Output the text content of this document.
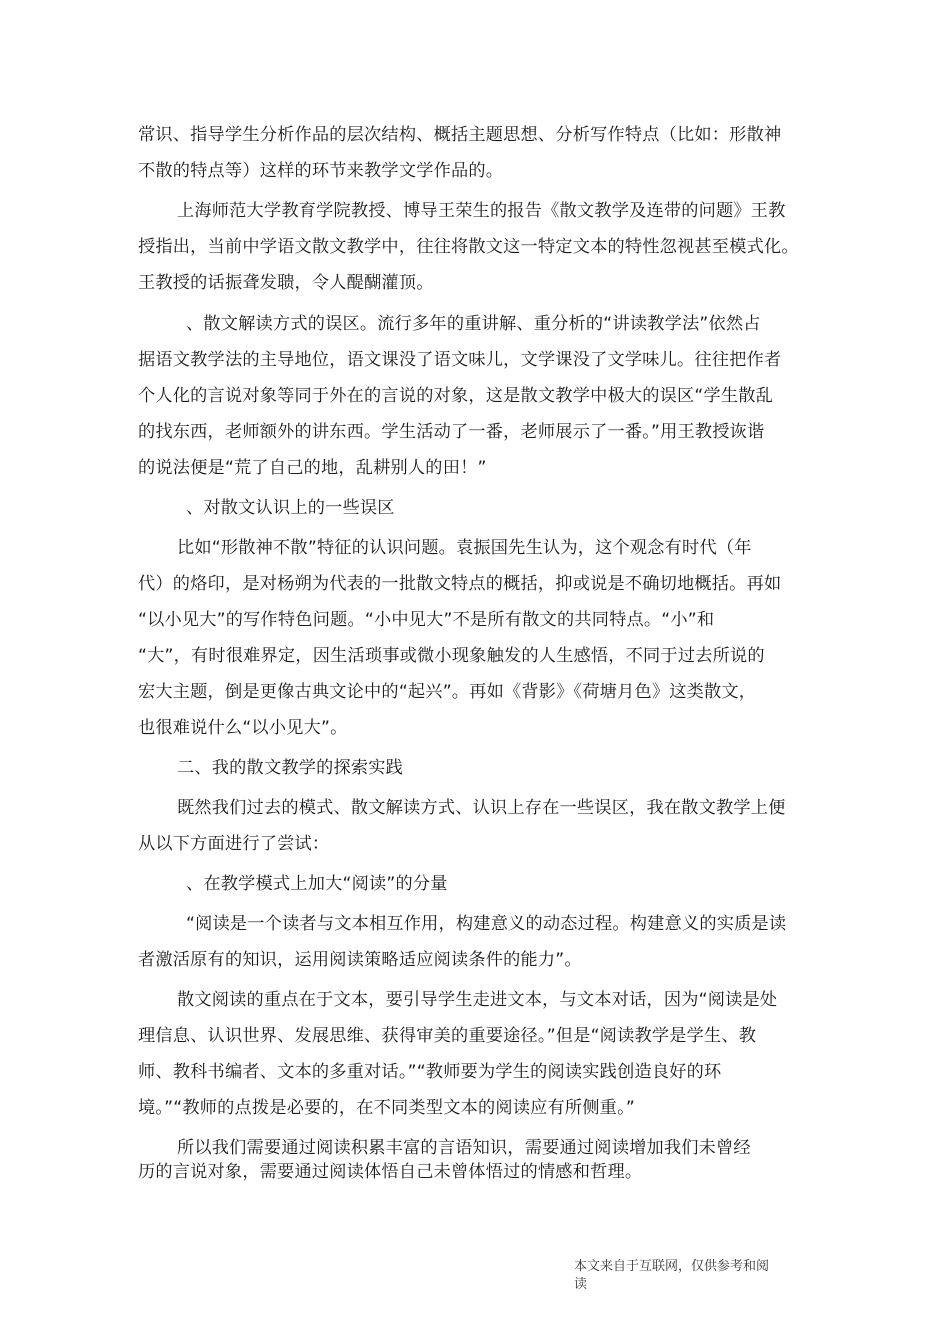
常识、指导学生分析作品的层次结构、概括主题思想、分析写作特点（比如：形散神
不散的特点等）这样的环节来教学文学作品的。
上海师范大学教育学院教授、博导王荣生的报告《散文教学及连带的问题》王教
授指出，当前中学语文散文教学中，往往将散文这一特定文本的特性忽视甚至模式化。
王教授的话振聋发聩，令人醍醐灌顶。
、散文解读方式的误区。流行多年的重讲解、重分析的“讲读教学法”依然占
据语文教学法的主导地位，语文课没了语文味儿，文学课没了文学味儿。往往把作者
个人化的言说对象等同于外在的言说的对象，这是散文教学中极大的误区“学生散乱
的找东西，老师额外的讲东西。学生活动了一番，老师展示了一番。”用王教授诙谐
的说法便是“荒了自己的地，乱耕别人的田！”
、对散文认识上的一些误区
比如“形散神不散”特征的认识问题。袁振国先生认为，这个观念有时代（年
代）的烙印，是对杨朔为代表的一批散文特点的概括，抑或说是不确切地概括。再如
“以小见大”的写作特色问题。“小中见大”不是所有散文的共同特点。“小”和
“大”，有时很难界定，因生活琐事或微小现象触发的人生感悟，不同于过去所说的
宏大主题，倒是更像古典文论中的“起兴”。再如《背影》《荷塘月色》这类散文，
也很难说什么“以小见大”。
二、我的散文教学的探索实践
既然我们过去的模式、散文解读方式、认识上存在一些误区，我在散文教学上便
从以下方面进行了尝试：
、在教学模式上加大“阅读”的分量
“阅读是一个读者与文本相互作用，构建意义的动态过程。构建意义的实质是读
者激活原有的知识，运用阅读策略适应阅读条件的能力”。
散文阅读的重点在于文本，要引导学生走进文本，与文本对话，因为“阅读是处
理信息、认识世界、发展思维、获得审美的重要途径。”但是“阅读教学是学生、教
师、教科书编者、文本的多重对话。”“教师要为学生的阅读实践创造良好的环
境。”“教师的点拨是必要的，在不同类型文本的阅读应有所侧重。”
所以我们需要通过阅读积累丰富的言语知识，需要通过阅读增加我们未曾经
历的言说对象，需要通过阅读体悟自己未曾体悟过的情感和哲理。
本文来自于互联网，仅供参考和阅
读
